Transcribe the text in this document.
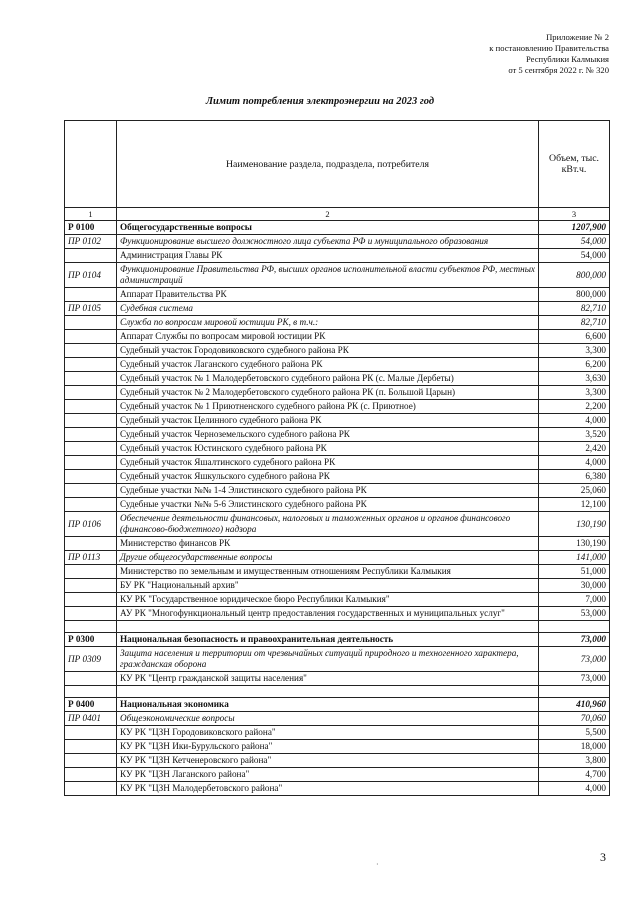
Приложение № 2
к постановлению Правительства
Республики Калмыкия
от 5 сентября 2022 г. № 320
Лимит потребления электроэнергии на 2023 год
	Наименование раздела, подраздела, потребителя	Объем, тыс. кВт.ч.
1	2	3
Р 0100	Общегосударственные вопросы	1207,900
ПР 0102	Функционирование высшего должностного лица субъекта РФ и муниципального образования	54,000
	Администрация Главы РК	54,000
ПР 0104	Функционирование Правительства РФ, высших органов исполнительной власти субъектов РФ, местных администраций	800,000
	Аппарат Правительства РК	800,000
ПР 0105	Судебная система	82,710
	Служба по вопросам мировой юстиции РК, в т.ч.:	82,710
	Аппарат Службы по вопросам мировой юстиции РК	6,600
	Судебный участок Городовиковского судебного района РК	3,300
	Судебный участок Лаганского судебного района РК	6,200
	Судебный участок № 1 Малодербетовского судебного района РК (с. Малые Дербеты)	3,630
	Судебный участок № 2 Малодербетовского судебного района РК (п. Большой Царын)	3,300
	Судебный участок № 1 Приютненского судебного района РК (с. Приютное)	2,200
	Судебный участок Целинного судебного района РК	4,000
	Судебный участок Черноземельского судебного района РК	3,520
	Судебный участок Юстинского судебного района РК	2,420
	Судебный участок Яшалтинского судебного района РК	4,000
	Судебный участок Яшкульского судебного района РК	6,380
	Судебные участки №№ 1-4 Элистинского судебного района РК	25,060
	Судебные участки №№ 5-6 Элистинского судебного района РК	12,100
ПР 0106	Обеспечение деятельности финансовых, налоговых и таможенных органов и органов финансового (финансово-бюджетного) надзора	130,190
	Министерство финансов РК	130,190
ПР 0113	Другие общегосударственные вопросы	141,000
	Министерство по земельным и имущественным отношениям Республики Калмыкия	51,000
	БУ РК "Национальный архив"	30,000
	КУ РК "Государственное юридическое бюро Республики Калмыкия"	7,000
	АУ РК "Многофункциональный центр предоставления государственных и муниципальных услуг"	53,000

Р 0300	Национальная безопасность и правоохранительная деятельность	73,000
ПР 0309	Защита населения и территории от чрезвычайных ситуаций природного и техногенного характера, гражданская оборона	73,000
	КУ РК "Центр гражданской защиты населения"	73,000

Р 0400	Национальная экономика	410,960
ПР 0401	Общеэкономические вопросы	70,060
	КУ РК "ЦЗН Городовиковского района"	5,500
	КУ РК "ЦЗН Ики-Бурульского района"	18,000
	КУ РК "ЦЗН Кетченеровского района"	3,800
	КУ РК "ЦЗН Лаганского района"	4,700
	КУ РК "ЦЗН Малодербетовского района"	4,000
·
3
